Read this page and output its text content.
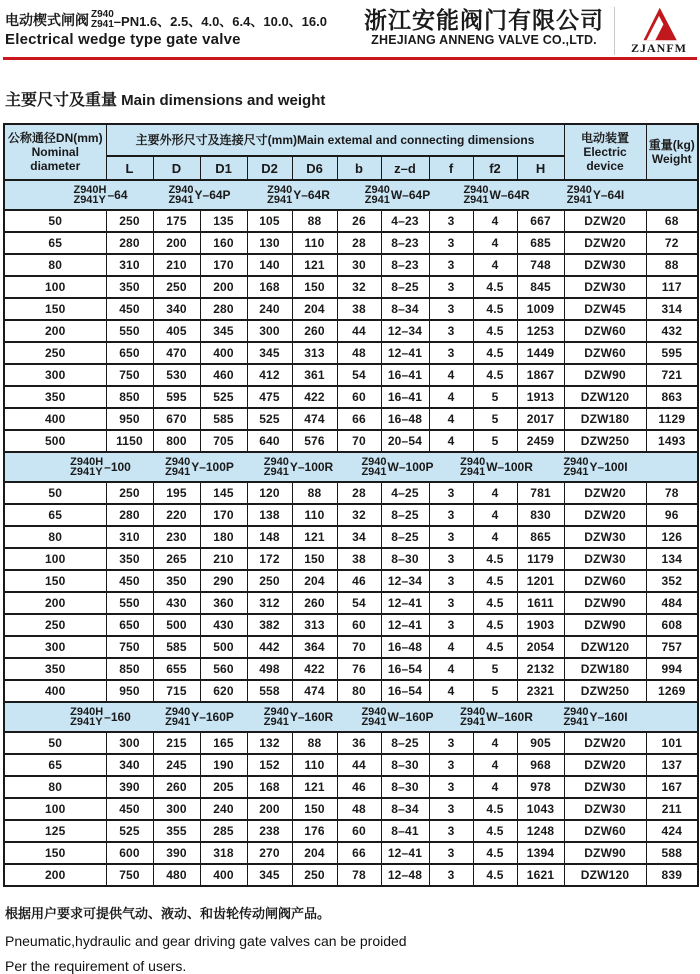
电动楔式闸阀 Z940
Z941 –PN1.6、2.5、4.0、6.4、10.0、16.0
Electrical wedge type gate valve
浙江安能阀门有限公司
ZHEJIANG ANNENG VALVE CO.,LTD.
ZJANFM
主要尺寸及重量 Main dimensions and weight
公称通径DN(mm)
Nominal diameter	主要外形尺寸及连接尺寸(mm)Main extemal and connecting dimensions										电动装置
Electric device	重量(kg)
Weight
	L	D	D1	D2	D6	b	z–d	f	f2	H		

Z940H
Z941Y –64	Z940
Z941 Y–64P	Z940
Z941 Y–64R	Z940
Z941 W–64P	Z940
Z941 W–64R	Z940
Z941 Y–64I

50	250	175	135	105	88	26	4–23	3	4	667	DZW20	68
65	280	200	160	130	110	28	8–23	3	4	685	DZW20	72
80	310	210	170	140	121	30	8–23	3	4	748	DZW30	88
100	350	250	200	168	150	32	8–25	3	4.5	845	DZW30	117
150	450	340	280	240	204	38	8–34	3	4.5	1009	DZW45	314
200	550	405	345	300	260	44	12–34	3	4.5	1253	DZW60	432
250	650	470	400	345	313	48	12–41	3	4.5	1449	DZW60	595
300	750	530	460	412	361	54	16–41	4	4.5	1867	DZW90	721
350	850	595	525	475	422	60	16–41	4	5	1913	DZW120	863
400	950	670	585	525	474	66	16–48	4	5	2017	DZW180	1129
500	1150	800	705	640	576	70	20–54	4	5	2459	DZW250	1493

Z940H
Z941Y –100	Z940
Z941 Y–100P	Z940
Z941 Y–100R	Z940
Z941 W–100P Z940
Z941 W–100R	Z940
Z941 Y–100I

50	250	195	145	120	88	28	4–25	3	4	781	DZW20	78
65	280	220	170	138	110	32	8–25	3	4	830	DZW20	96
80	310	230	180	148	121	34	8–25	3	4	865	DZW30	126
100	350	265	210	172	150	38	8–30	3	4.5	1179	DZW30	134
150	450	350	290	250	204	46	12–34	3	4.5	1201	DZW60	352
200	550	430	360	312	260	54	12–41	3	4.5	1611	DZW90	484
250	650	500	430	382	313	60	12–41	3	4.5	1903	DZW90	608
300	750	585	500	442	364	70	16–48	4	4.5	2054	DZW120	757
350	850	655	560	498	422	76	16–54	4	5	2132	DZW180	994
400	950	715	620	558	474	80	16–54	4	5	2321	DZW250	1269

Z940H
Z941Y –160	Z940
Z941 Y–160P	Z940
Z941 Y–160R	Z940
Z941 W–160P Z940
Z941 W–160R	Z940
Z941 Y–160I

50	300	215	165	132	88	36	8–25	3	4	905	DZW20	101
65	340	245	190	152	110	44	8–30	3	4	968	DZW20	137
80	390	260	205	168	121	46	8–30	3	4	978	DZW30	167
100	450	300	240	200	150	48	8–34	3	4.5	1043	DZW30	211
125	525	355	285	238	176	60	8–41	3	4.5	1248	DZW60	424
150	600	390	318	270	204	66	12–41	3	4.5	1394	DZW90	588
200	750	480	400	345	250	78	12–48	3	4.5	1621	DZW120	839
根据用户要求可提供气动、液动、和齿轮传动闸阀产品。
Pneumatic,hydraulic and gear driving gate valves can be proided
Per the requirement of users.
